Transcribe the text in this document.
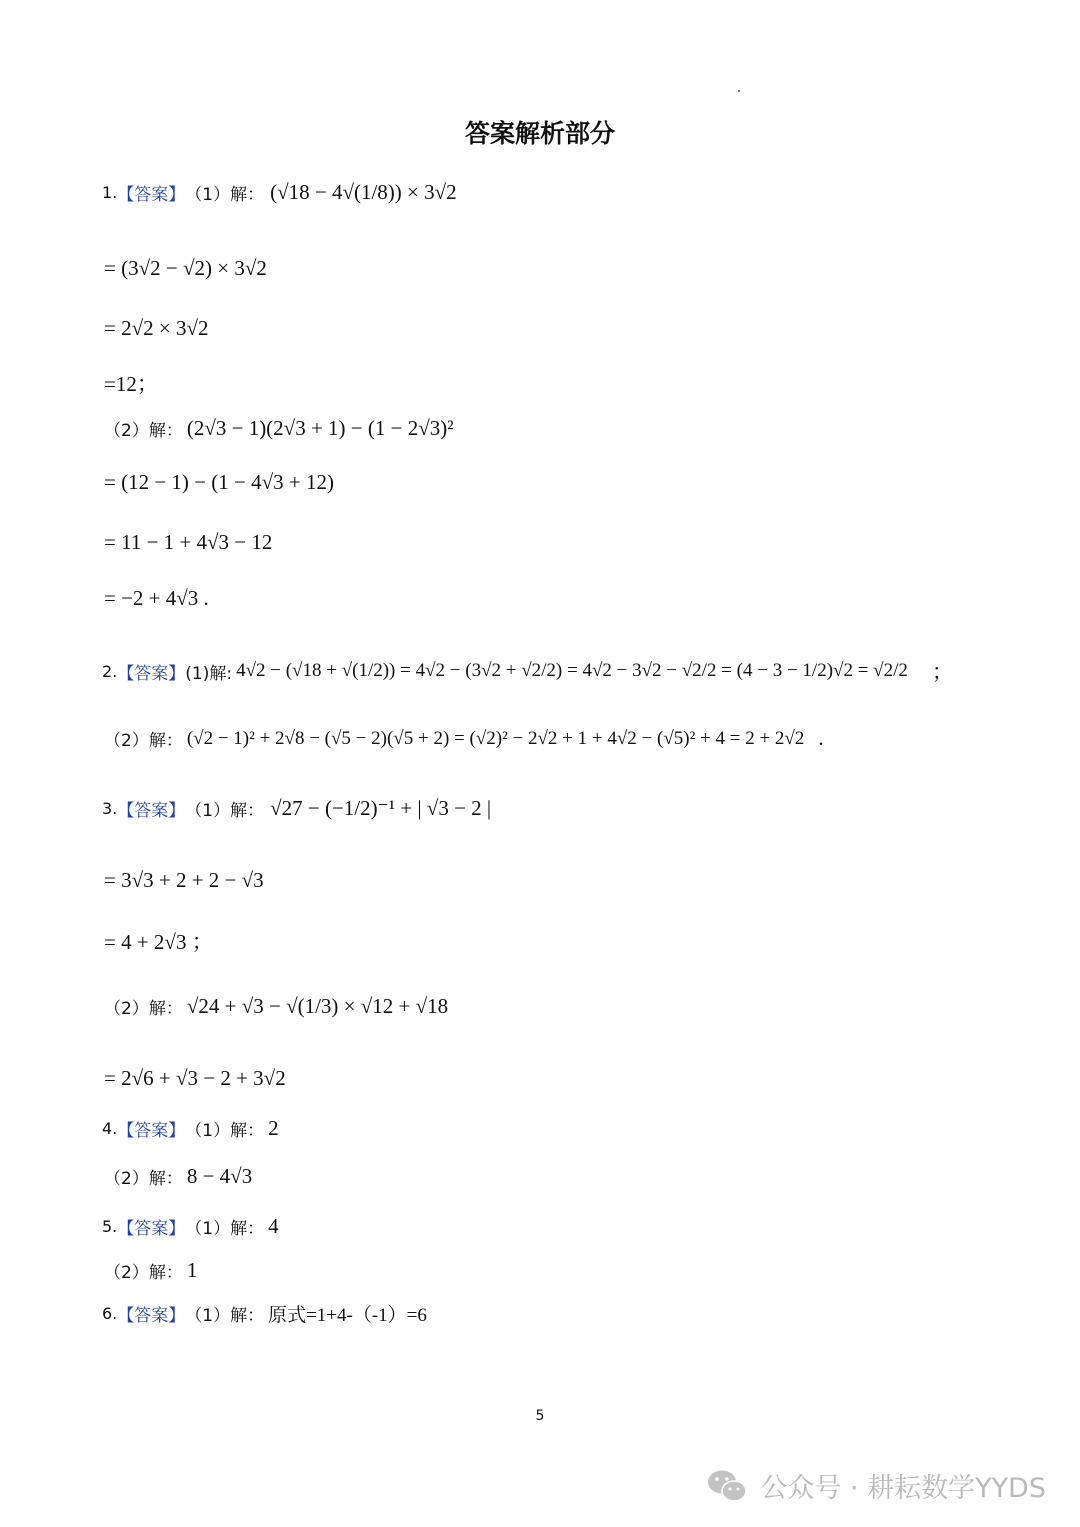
答案解析部分
1. 【答案】 （1）解： (√18 − 4√(1/8)) × 3√2
= (3√2 − √2) × 3√2
= 2√2 × 3√2
=12；
（2）解： (2√3 − 1)(2√3 + 1) − (1 − 2√3)²
= (12 − 1) − (1 − 4√3 + 12)
= 11 − 1 + 4√3 − 12
= −2 + 4√3 .
2. 【答案】 (1)解: 4√2 − (√18 + √(1/2)) = 4√2 − (3√2 + √2/2) = 4√2 − 3√2 − √2/2 = (4 − 3 − 1/2)√2 = √2/2 ；
（2）解： (√2 − 1)² + 2√8 − (√5 − 2)(√5 + 2) = (√2)² − 2√2 + 1 + 4√2 − (√5)² + 4 = 2 + 2√2 .
3. 【答案】 （1）解： √27 − (−1/2)⁻¹ + | √3 − 2 |
= 3√3 + 2 + 2 − √3
= 4 + 2√3 ；
（2）解： √24 + √3 − √(1/3) × √12 + √18
= 2√6 + √3 − 2 + 3√2
4. 【答案】 （1）解： 2
（2）解： 8 − 4√3
5. 【答案】 （1）解： 4
（2）解： 1
6. 【答案】 （1）解： 原式=1+4-（-1）=6
5
公众号 · 耕耘数学YYDS
